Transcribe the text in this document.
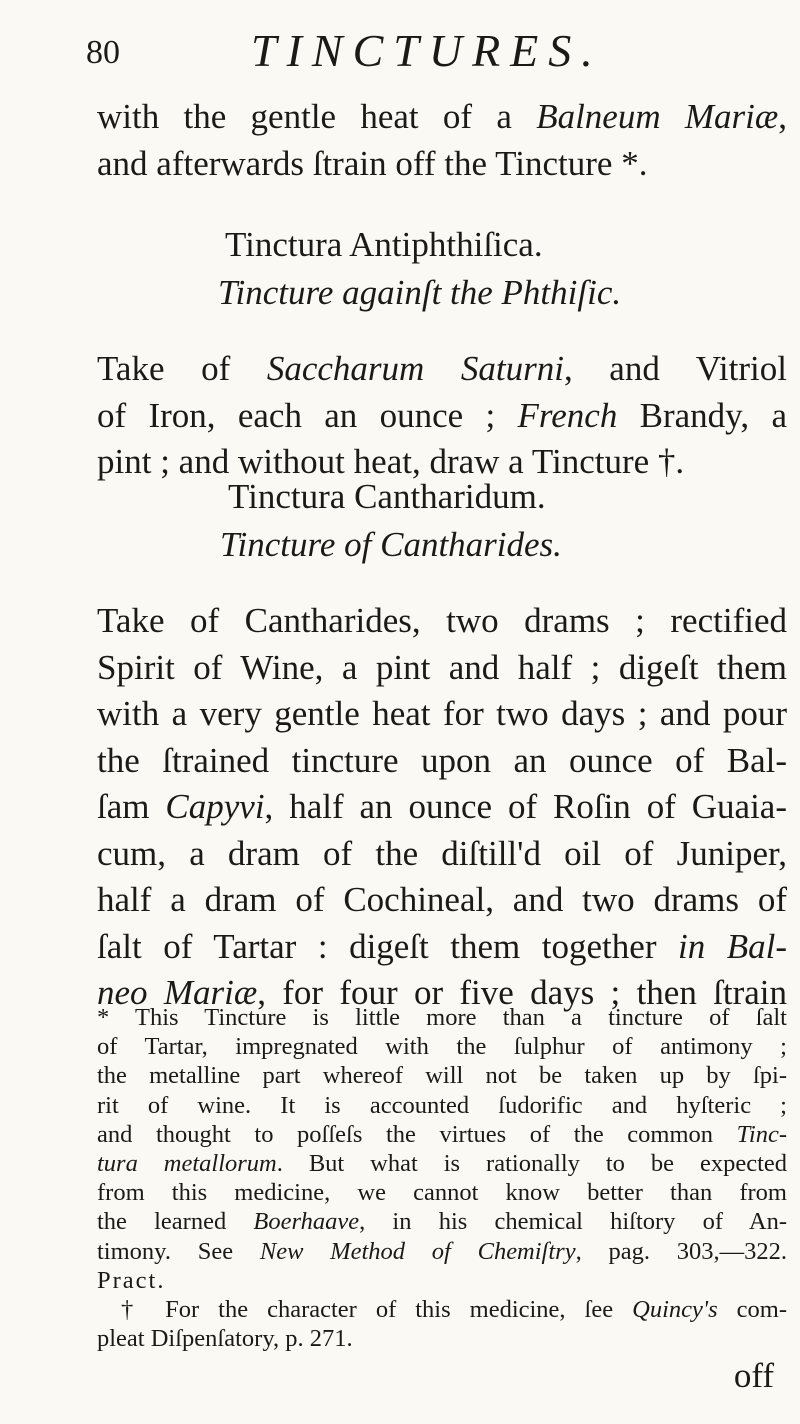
80	TINCTURES.
with the gentle heat of a Balneum Mariæ,
and afterwards ſtrain off the Tincture *.
Tinctura Antiphthiſica.
Tincture againſt the Phthiſic.
Take of Saccharum Saturni, and Vitriol
of Iron, each an ounce ; French Brandy, a
pint ; and without heat, draw a Tincture †.
Tinctura Cantharidum.
Tincture of Cantharides.
Take of Cantharides, two drams ; rectified
Spirit of Wine, a pint and half ; digeſt them
with a very gentle heat for two days ; and pour
the ſtrained tincture upon an ounce of Bal-
ſam Capyvi, half an ounce of Roſin of Guaia-
cum, a dram of the diſtill'd oil of Juniper,
half a dram of Cochineal, and two drams of
ſalt of Tartar : digeſt them together in Bal-
neo Mariæ, for four or five days ; then ſtrain
* This Tincture is little more than a tincture of ſalt
of Tartar, impregnated with the ſulphur of antimony ;
the metalline part whereof will not be taken up by ſpi-
rit of wine. It is accounted ſudorific and hyſteric ;
and thought to poſſeſs the virtues of the common Tinc-
tura metallorum. But what is rationally to be expected
from this medicine, we cannot know better than from
the learned Boerhaave, in his chemical hiſtory of An-
timony. See New Method of Chemiſtry, pag. 303,—322.
Pract.
† For the character of this medicine, ſee Quincy's com-
pleat Diſpenſatory, p. 271.
off
